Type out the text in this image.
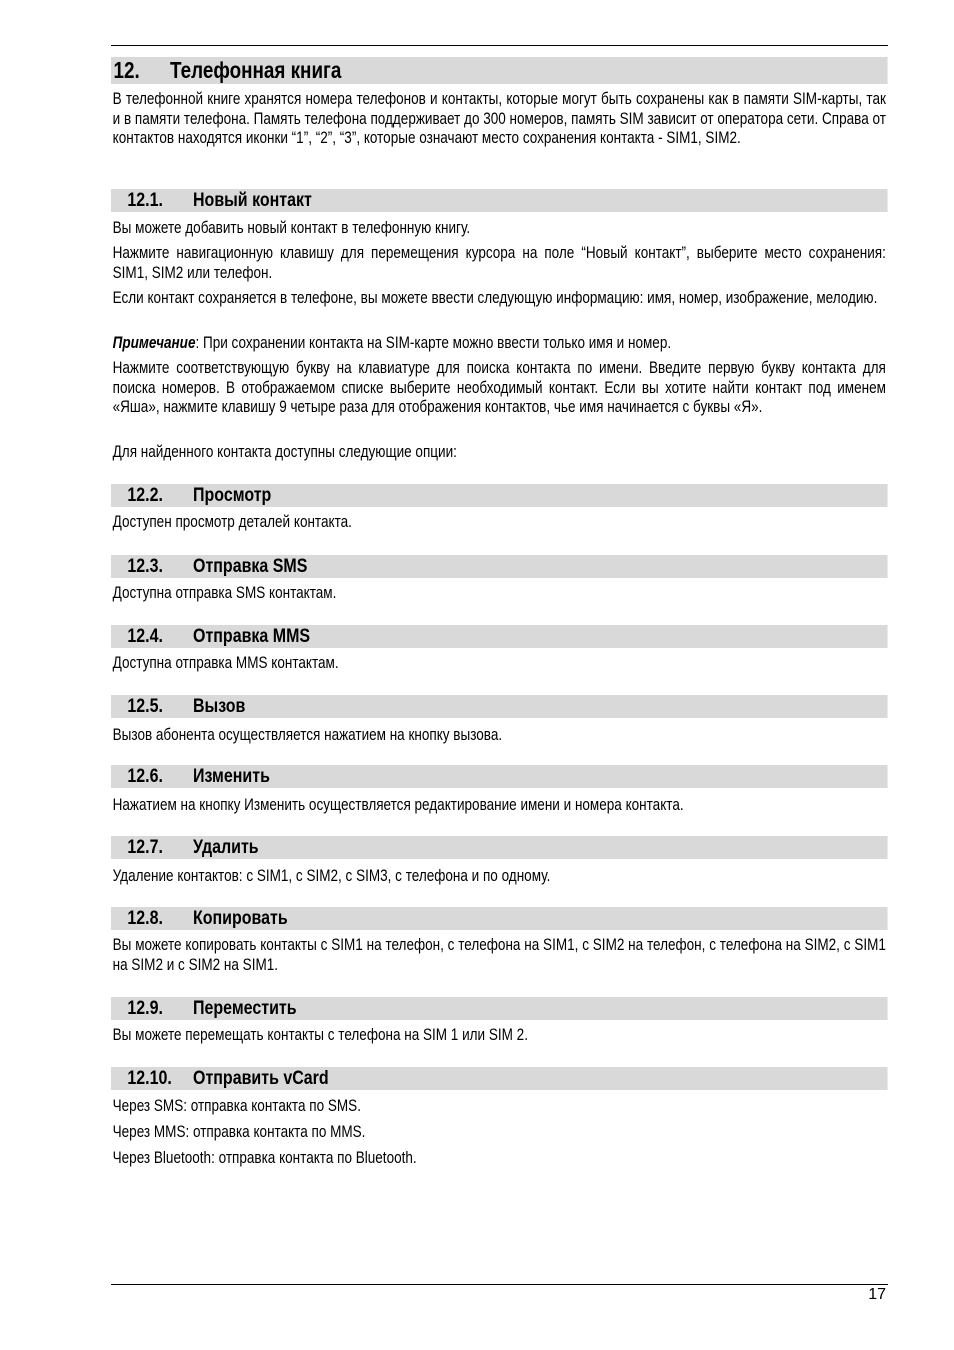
12. Телефонная книга
В телефонной книге хранятся номера телефонов и контакты, которые могут быть сохранены как в памяти SIM-карты, так и в памяти телефона. Память телефона поддерживает до 300 номеров, память SIM зависит от оператора сети. Справа от контактов находятся иконки “1”, “2”, “3”, которые означают место сохранения контакта - SIM1, SIM2.
12.1. Новый контакт
Вы можете добавить новый контакт в телефонную книгу.
Нажмите навигационную клавишу для перемещения курсора на поле “Новый контакт”, выберите место сохранения: SIM1, SIM2 или телефон.
Если контакт сохраняется в телефоне, вы можете ввести следующую информацию: имя, номер, изображение, мелодию.
Примечание: При сохранении контакта на SIM-карте можно ввести только имя и номер.
Нажмите соответствующую букву на клавиатуре для поиска контакта по имени. Введите первую букву контакта для поиска номеров. В отображаемом списке выберите необходимый контакт. Если вы хотите найти контакт под именем «Яша», нажмите клавишу 9 четыре раза для отображения контактов, чье имя начинается с буквы «Я».
Для найденного контакта доступны следующие опции:
12.2. Просмотр
Доступен просмотр деталей контакта.
12.3. Отправка SMS
Доступна отправка SMS контактам.
12.4. Отправка MMS
Доступна отправка MMS контактам.
12.5. Вызов
Вызов абонента осуществляется нажатием на кнопку вызова.
12.6. Изменить
Нажатием на кнопку Изменить осуществляется редактирование имени и номера контакта.
12.7. Удалить
Удаление контактов: с SIM1, с SIM2, с SIM3, с телефона и по одному.
12.8. Копировать
Вы можете копировать контакты с SIM1 на телефон, с телефона на SIM1, с SIM2 на телефон, с телефона на SIM2, с SIM1 на SIM2 и с SIM2 на SIM1.
12.9. Переместить
Вы можете перемещать контакты с телефона на SIM 1 или SIM 2.
12.10. Отправить vCard
Через SMS: отправка контакта по SMS.
Через MMS: отправка контакта по MMS.
Через Bluetooth: отправка контакта по Bluetooth.
17
